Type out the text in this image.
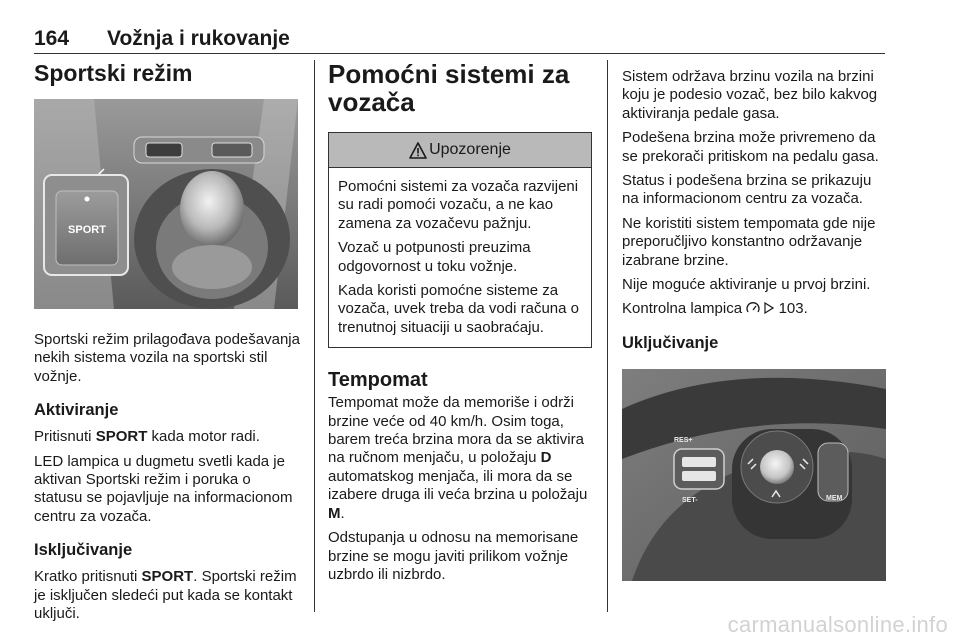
164 Vožnja i rukovanje
Sportski režim
SPORT

Sportski režim prilagođava podešavanja nekih sistema vozila na sportski stil vožnje.

Aktiviranje

Pritisnuti SPORT kada motor radi.

LED lampica u dugmetu svetli kada je aktivan Sportski režim i poruka o statusu se pojavljuje na informacionom centru za vozača.

Isključivanje

Kratko pritisnuti SPORT. Sportski režim je isključen sledeći put kada se kontakt uključi.

Pomoćni sistemi za vozača
Upozorenje

Pomoćni sistemi za vozača razvijeni su radi pomoći vozaču, a ne kao zamena za vozačevu pažnju.

Vozač u potpunosti preuzima odgovornost u toku vožnje.

Kada koristi pomoćne sisteme za vozača, uvek treba da vodi računa o trenutnoj situaciji u saobraćaju.

Tempomat

Tempomat može da memoriše i održi brzine veće od 40 km/h. Osim toga, barem treća brzina mora da se aktivira na ručnom menjaču, u položaju D automatskog menjača, ili mora da se izabere druga ili veća brzina u položaju M.

Odstupanja u odnosu na memorisane brzine se mogu javiti prilikom vožnje uzbrdo ili nizbrdo.

Sistem održava brzinu vozila na brzini koju je podesio vozač, bez bilo kakvog aktiviranja pedale gasa.

Podešena brzina može privremeno da se prekorači pritiskom na pedalu gasa.

Status i podešena brzina se prikazuju na informacionom centru za vozača.

Ne koristiti sistem tempomata gde nije preporučljivo konstantno održavanje izabrane brzine.

Nije moguće aktiviranje u prvoj brzini.

Kontrolna lampica   103.

Uključivanje
RES+
SET-	MEM
carmanualsonline.info
